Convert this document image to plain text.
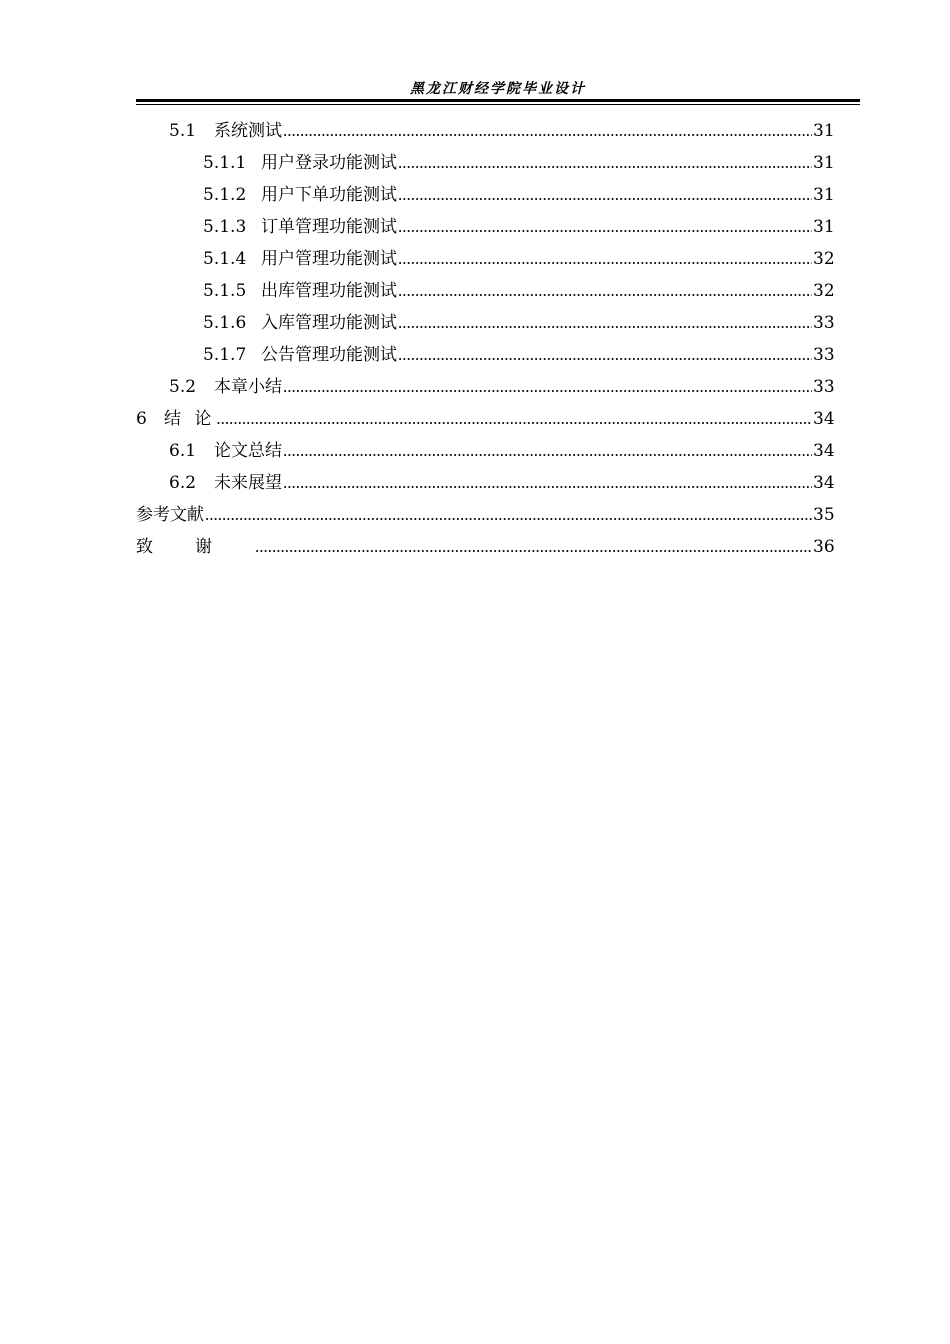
黑龙江财经学院毕业设计
5.1	系统测试 .....	31
5.1.1 用户登录功能测试 .....	31
5.1.2 用户下单功能测试 .....	31
5.1.3 订单管理功能测试 .....	31
5.1.4 用户管理功能测试 .....	32
5.1.5 出库管理功能测试 .....	32
5.1.6 入库管理功能测试 .....	33
5.1.7 公告管理功能测试 .....	33
5.2	本章小结 .....	33
6	结 论 .....	34
6.1	论文总结 .....	34
6.2	未来展望 .....	34
参考文献 .....	35
致谢 .....	36
